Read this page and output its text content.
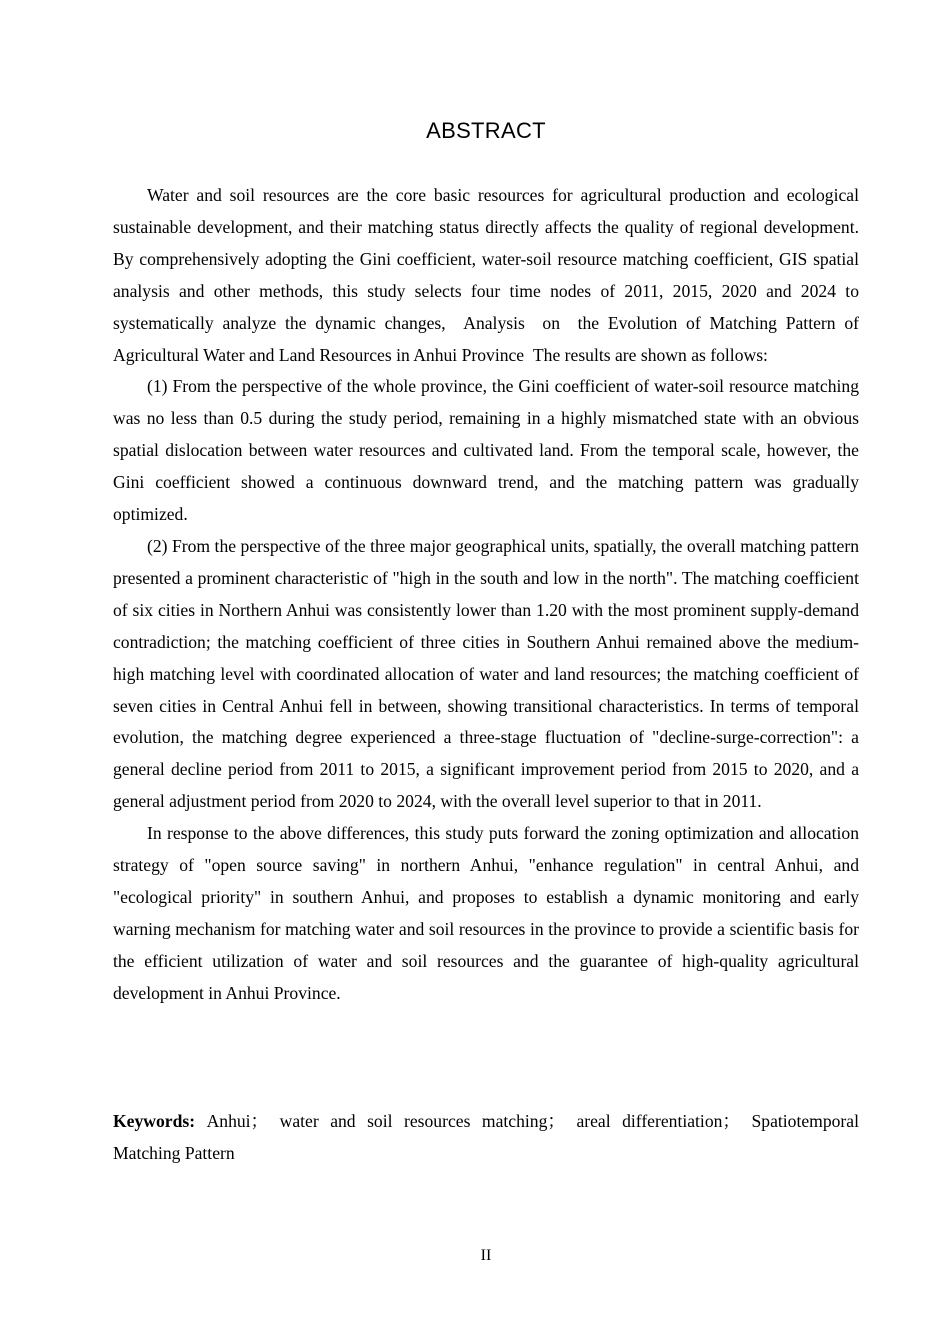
ABSTRACT

Water and soil resources are the core basic resources for agricultural production and ecological sustainable development, and their matching status directly affects the quality of regional development. By comprehensively adopting the Gini coefficient, water-soil resource matching coefficient, GIS spatial analysis and other methods, this study selects four time nodes of 2011, 2015, 2020 and 2024 to systematically analyze the dynamic changes,  Analysis  on  the Evolution of Matching Pattern of Agricultural Water and Land Resources in Anhui Province  The results are shown as follows:

(1) From the perspective of the whole province, the Gini coefficient of water-soil resource matching was no less than 0.5 during the study period, remaining in a highly mismatched state with an obvious spatial dislocation between water resources and cultivated land. From the temporal scale, however, the Gini coefficient showed a continuous downward trend, and the matching pattern was gradually optimized.

(2) From the perspective of the three major geographical units, spatially, the overall matching pattern presented a prominent characteristic of "high in the south and low in the north". The matching coefficient of six cities in Northern Anhui was consistently lower than 1.20 with the most prominent supply-demand contradiction; the matching coefficient of three cities in Southern Anhui remained above the medium-high matching level with coordinated allocation of water and land resources; the matching coefficient of seven cities in Central Anhui fell in between, showing transitional characteristics. In terms of temporal evolution, the matching degree experienced a three-stage fluctuation of "decline-surge-correction": a general decline period from 2011 to 2015, a significant improvement period from 2015 to 2020, and a general adjustment period from 2020 to 2024, with the overall level superior to that in 2011.

In response to the above differences, this study puts forward the zoning optimization and allocation strategy of "open source saving" in northern Anhui, "enhance regulation" in central Anhui, and "ecological priority" in southern Anhui, and proposes to establish a dynamic monitoring and early warning mechanism for matching water and soil resources in the province to provide a scientific basis for the efficient utilization of water and soil resources and the guarantee of high-quality agricultural development in Anhui Province.

Keywords: Anhui； water and soil resources matching； areal differentiation； Spatiotemporal Matching Pattern
II
